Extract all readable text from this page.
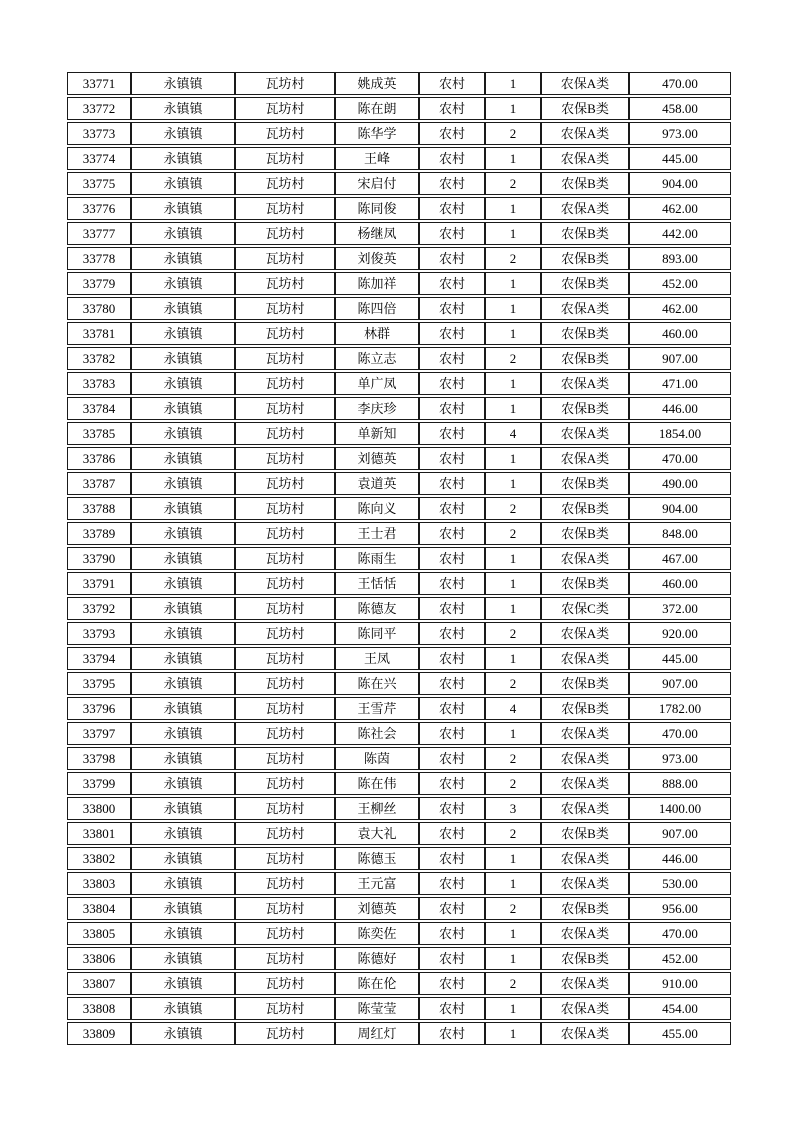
33771	永镇镇	瓦坊村	姚成英	农村	1	农保A类	470.00
33772	永镇镇	瓦坊村	陈在朗	农村	1	农保B类	458.00
33773	永镇镇	瓦坊村	陈华学	农村	2	农保A类	973.00
33774	永镇镇	瓦坊村	王峰	农村	1	农保A类	445.00
33775	永镇镇	瓦坊村	宋启付	农村	2	农保B类	904.00
33776	永镇镇	瓦坊村	陈同俊	农村	1	农保A类	462.00
33777	永镇镇	瓦坊村	杨继凤	农村	1	农保B类	442.00
33778	永镇镇	瓦坊村	刘俊英	农村	2	农保B类	893.00
33779	永镇镇	瓦坊村	陈加祥	农村	1	农保B类	452.00
33780	永镇镇	瓦坊村	陈四倍	农村	1	农保A类	462.00
33781	永镇镇	瓦坊村	林群	农村	1	农保B类	460.00
33782	永镇镇	瓦坊村	陈立志	农村	2	农保B类	907.00
33783	永镇镇	瓦坊村	单广凤	农村	1	农保A类	471.00
33784	永镇镇	瓦坊村	李庆珍	农村	1	农保B类	446.00
33785	永镇镇	瓦坊村	单新知	农村	4	农保A类	1854.00
33786	永镇镇	瓦坊村	刘德英	农村	1	农保A类	470.00
33787	永镇镇	瓦坊村	袁道英	农村	1	农保B类	490.00
33788	永镇镇	瓦坊村	陈向义	农村	2	农保B类	904.00
33789	永镇镇	瓦坊村	王士君	农村	2	农保B类	848.00
33790	永镇镇	瓦坊村	陈雨生	农村	1	农保A类	467.00
33791	永镇镇	瓦坊村	王恬恬	农村	1	农保B类	460.00
33792	永镇镇	瓦坊村	陈德友	农村	1	农保C类	372.00
33793	永镇镇	瓦坊村	陈同平	农村	2	农保A类	920.00
33794	永镇镇	瓦坊村	王凤	农村	1	农保A类	445.00
33795	永镇镇	瓦坊村	陈在兴	农村	2	农保B类	907.00
33796	永镇镇	瓦坊村	王雪芹	农村	4	农保B类	1782.00
33797	永镇镇	瓦坊村	陈社会	农村	1	农保A类	470.00
33798	永镇镇	瓦坊村	陈茵	农村	2	农保A类	973.00
33799	永镇镇	瓦坊村	陈在伟	农村	2	农保A类	888.00
33800	永镇镇	瓦坊村	王柳丝	农村	3	农保A类	1400.00
33801	永镇镇	瓦坊村	袁大礼	农村	2	农保B类	907.00
33802	永镇镇	瓦坊村	陈德玉	农村	1	农保A类	446.00
33803	永镇镇	瓦坊村	王元富	农村	1	农保A类	530.00
33804	永镇镇	瓦坊村	刘德英	农村	2	农保B类	956.00
33805	永镇镇	瓦坊村	陈奕佐	农村	1	农保A类	470.00
33806	永镇镇	瓦坊村	陈德好	农村	1	农保B类	452.00
33807	永镇镇	瓦坊村	陈在伦	农村	2	农保A类	910.00
33808	永镇镇	瓦坊村	陈莹莹	农村	1	农保A类	454.00
33809	永镇镇	瓦坊村	周红灯	农村	1	农保A类	455.00
